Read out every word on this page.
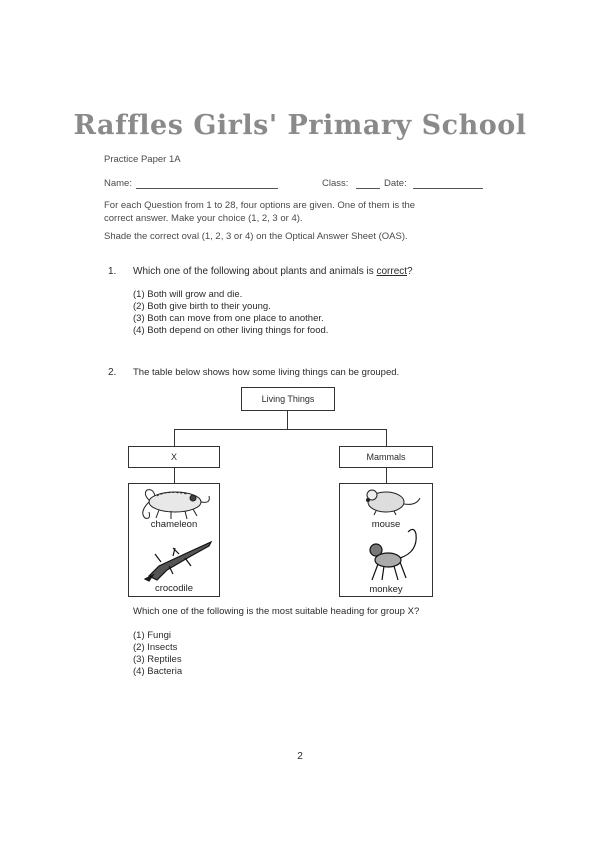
Raffles Girls' Primary School
Practice Paper 1A
Name:	Class:	Date:
For each Question from 1 to 28, four options are given. One of them is the
correct answer. Make your choice (1, 2, 3 or 4).
Shade the correct oval (1, 2, 3 or 4) on the Optical Answer Sheet (OAS).
1. Which one of the following about plants and animals is correct?
(1) Both will grow and die.
(2) Both give birth to their young.
(3) Both can move from one place to another.
(4) Both depend on other living things for food.
2. The table below shows how some living things can be grouped.
Living Things
X	Mammals
chameleon
crocodile
mouse
monkey
Which one of the following is the most suitable heading for group X?
(1) Fungi
(2) Insects
(3) Reptiles
(4) Bacteria
2
